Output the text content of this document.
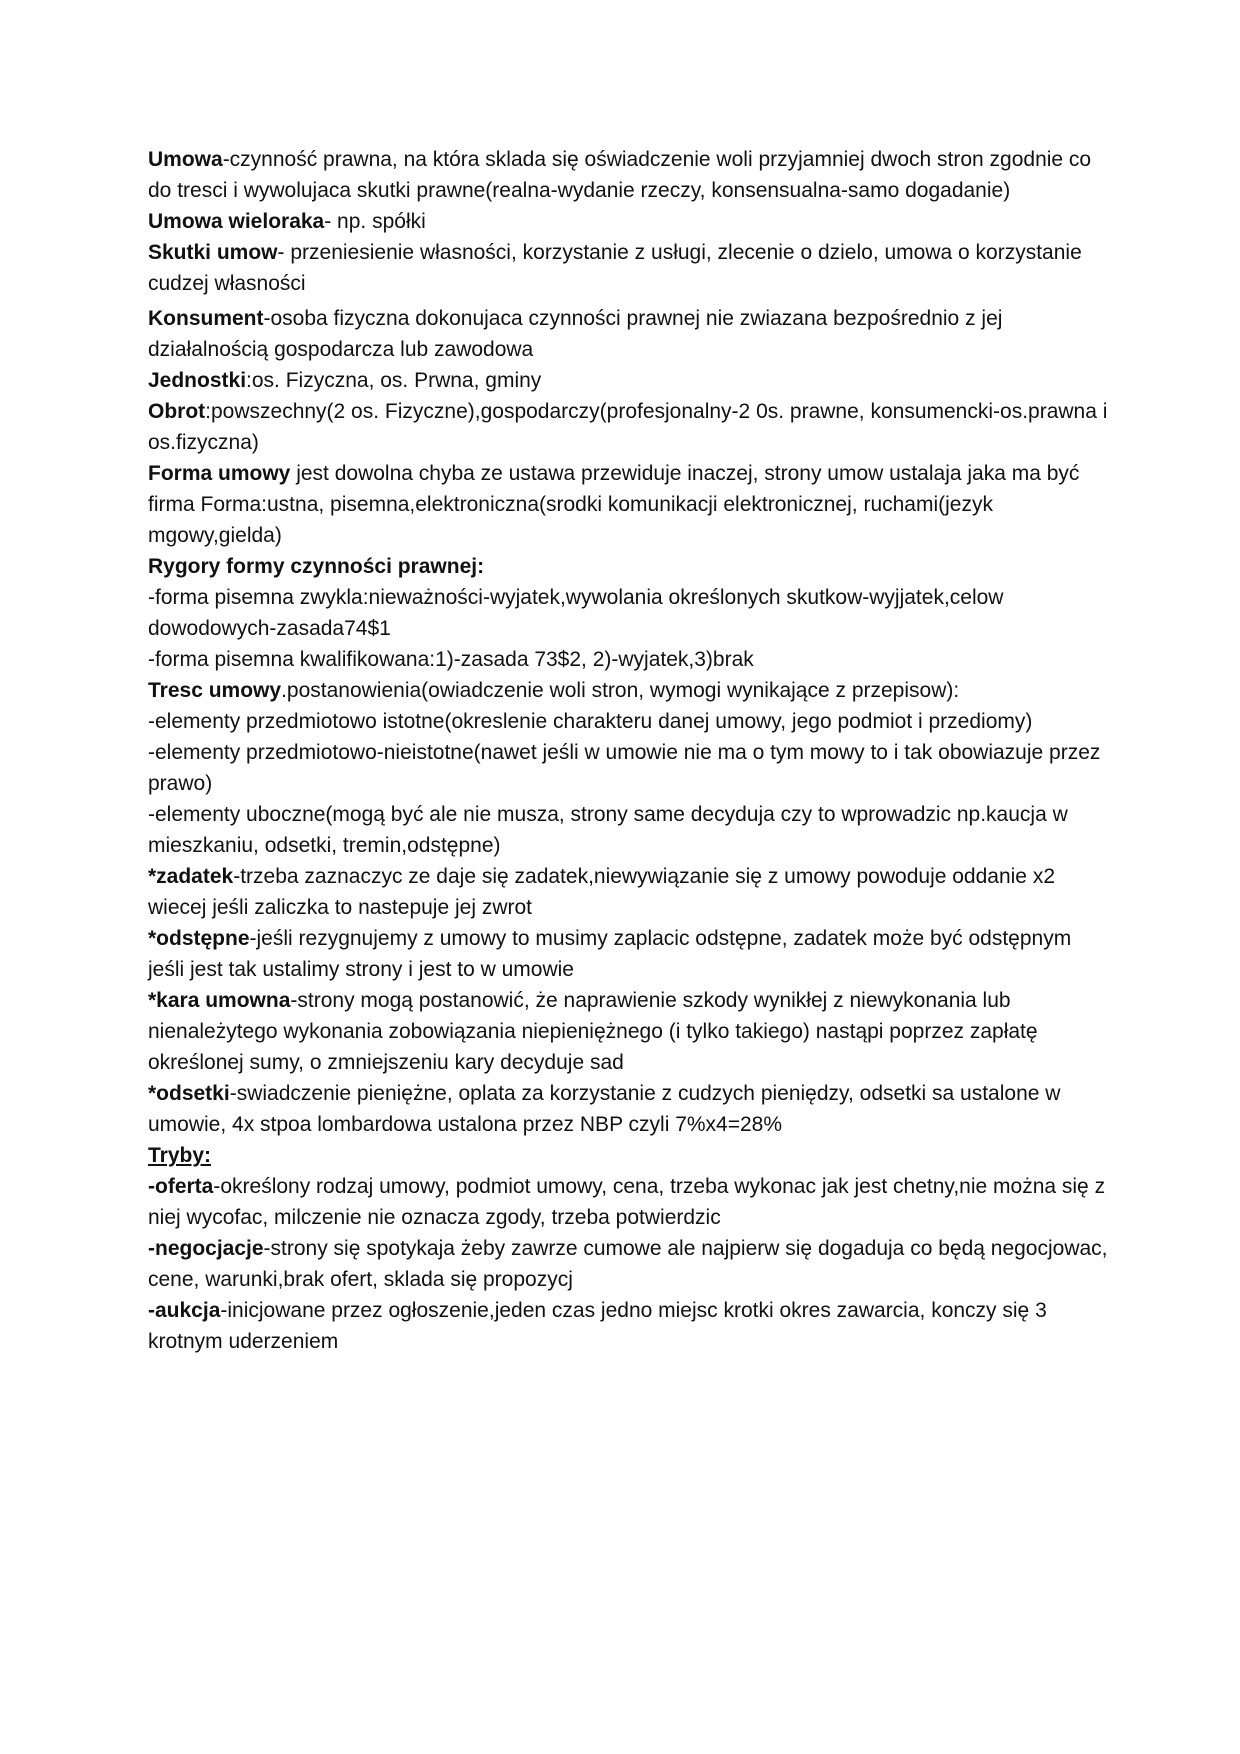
Umowa-czynność prawna, na która sklada się oświadczenie woli przyjamniej dwoch stron zgodnie co do tresci i wywolujaca skutki prawne(realna-wydanie rzeczy, konsensualna-samo dogadanie)

Umowa wieloraka- np. spółki

Skutki umow- przeniesienie własności, korzystanie z usługi, zlecenie o dzielo, umowa o korzystanie cudzej własności

Konsument-osoba fizyczna dokonujaca czynności prawnej nie zwiazana bezpośrednio z jej działalnością gospodarcza lub zawodowa

Jednostki:os. Fizyczna, os. Prwna, gminy

Obrot:powszechny(2 os. Fizyczne),gospodarczy(profesjonalny-2 0s. prawne, konsumencki-os.prawna i os.fizyczna)

Forma umowy jest dowolna chyba ze ustawa przewiduje inaczej, strony umow ustalaja jaka ma być firma Forma:ustna, pisemna,elektroniczna(srodki komunikacji elektronicznej, ruchami(jezyk mgowy,gielda)

Rygory formy czynności prawnej:

-forma pisemna zwykla:nieważności-wyjatek,wywolania określonych skutkow-wyjjatek,celow dowodowych-zasada74$1

-forma pisemna kwalifikowana:1)-zasada 73$2, 2)-wyjatek,3)brak

Tresc umowy.postanowienia(owiadczenie woli stron, wymogi wynikające z przepisow):

-elementy przedmiotowo istotne(okreslenie charakteru danej umowy, jego podmiot i przediomy)

-elementy przedmiotowo-nieistotne(nawet jeśli w umowie nie ma o tym mowy to i tak obowiazuje przez prawo)

-elementy uboczne(mogą być ale nie musza, strony same decyduja czy to wprowadzic np.kaucja w mieszkaniu, odsetki, tremin,odstępne)

*zadatek-trzeba zaznaczyc ze daje się zadatek,niewywiązanie się z umowy powoduje oddanie x2 wiecej jeśli zaliczka to nastepuje jej zwrot

*odstępne-jeśli rezygnujemy z umowy to musimy zaplacic odstępne, zadatek może być odstępnym jeśli jest tak ustalimy strony i jest to w umowie

*kara umowna-strony mogą postanowić, że naprawienie szkody wynikłej z niewykonania lub nienależytego wykonania zobowiązania niepieniężnego (i tylko takiego) nastąpi poprzez zapłatę określonej sumy, o zmniejszeniu kary decyduje sad

*odsetki-swiadczenie pieniężne, oplata za korzystanie z cudzych pieniędzy, odsetki sa ustalone w umowie, 4x stpoa lombardowa ustalona przez NBP czyli 7%x4=28%

Tryby:

-oferta-określony rodzaj umowy, podmiot umowy, cena, trzeba wykonac jak jest chetny,nie można się z niej wycofac, milczenie nie oznacza zgody, trzeba potwierdzic

-negocjacje-strony się spotykaja żeby zawrze cumowe ale najpierw się dogaduja co będą negocjowac, cene, warunki,brak ofert, sklada się propozycj

-aukcja-inicjowane przez ogłoszenie,jeden czas jedno miejsc krotki okres zawarcia, konczy się 3 krotnym uderzeniem
